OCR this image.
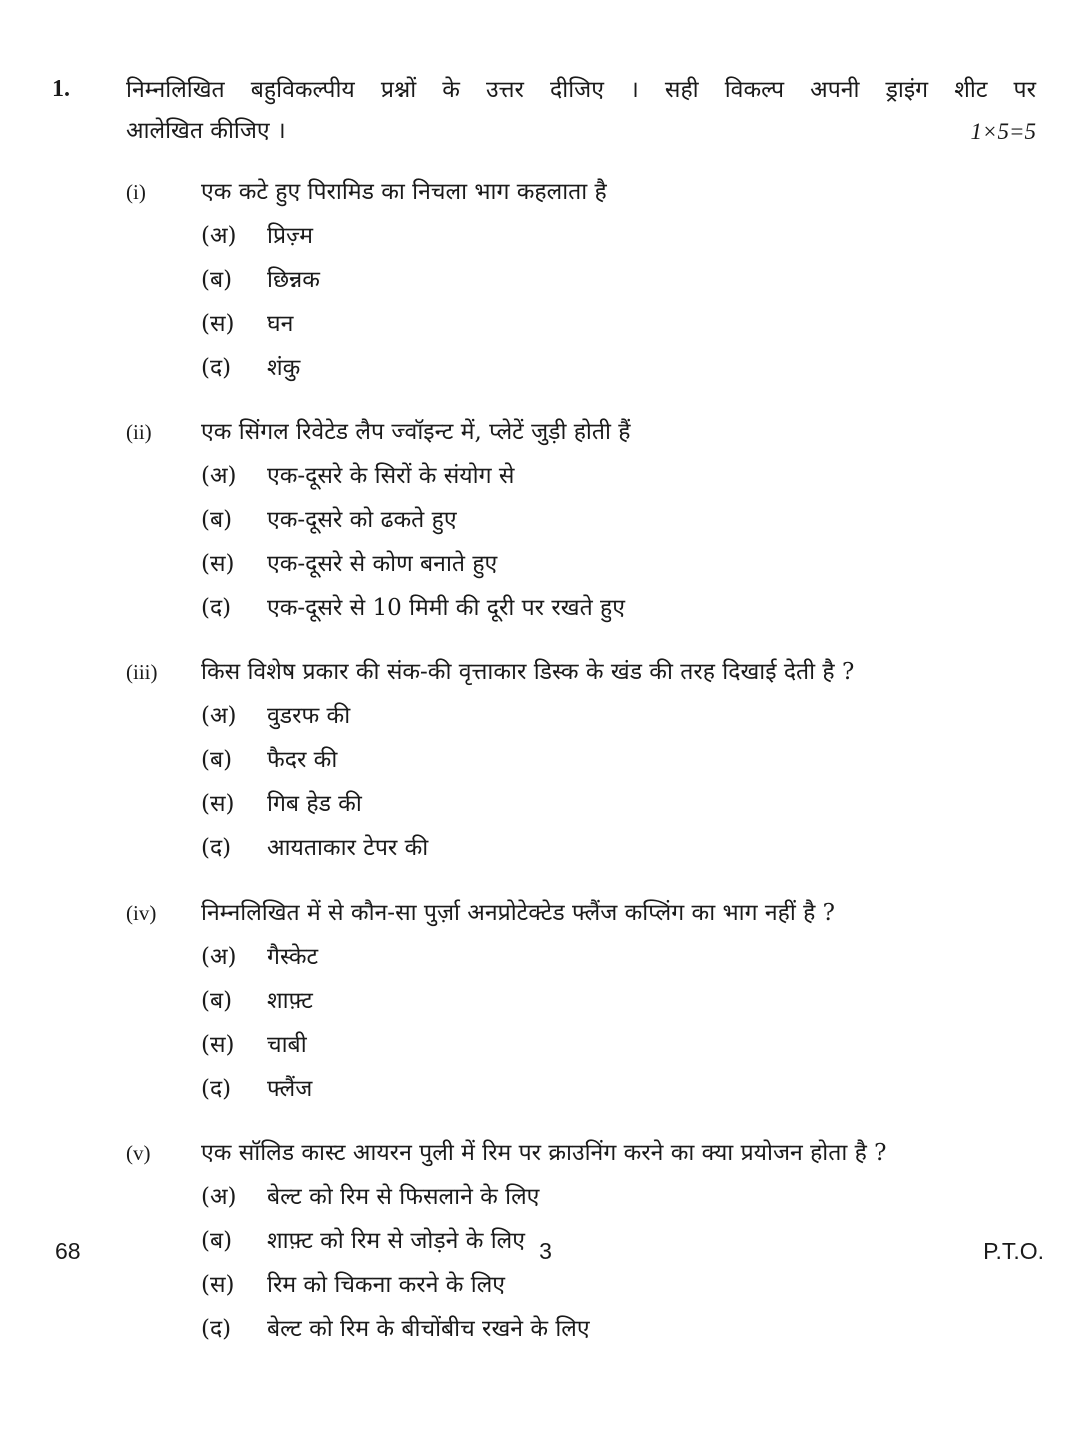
1. निम्नलिखित बहुविकल्पीय प्रश्नों के उत्तर दीजिए । सही विकल्प अपनी ड्राइंग शीट पर
आलेखित कीजिए ।	1×5=5
(i) एक कटे हुए पिरामिड का निचला भाग कहलाता है
(अ) प्रिज़्म
(ब) छिन्नक
(स) घन
(द) शंकु
(ii) एक सिंगल रिवेटेड लैप ज्वॉइन्ट में, प्लेटें जुड़ी होती हैं
(अ) एक-दूसरे के सिरों के संयोग से
(ब) एक-दूसरे को ढकते हुए
(स) एक-दूसरे से कोण बनाते हुए
(द) एक-दूसरे से 10 मिमी की दूरी पर रखते हुए
(iii) किस विशेष प्रकार की संक-की वृत्ताकार डिस्क के खंड की तरह दिखाई देती है ?
(अ) वुडरफ की
(ब) फैदर की
(स) गिब हेड की
(द) आयताकार टेपर की
(iv) निम्नलिखित में से कौन-सा पुर्ज़ा अनप्रोटेक्टेड फ्लैंज कप्लिंग का भाग नहीं है ?
(अ) गैस्केट
(ब) शाफ़्ट
(स) चाबी
(द) फ्लैंज
(v) एक सॉलिड कास्ट आयरन पुली में रिम पर क्राउनिंग करने का क्या प्रयोजन होता है ?
(अ) बेल्ट को रिम से फिसलाने के लिए
(ब) शाफ़्ट को रिम से जोड़ने के लिए
(स) रिम को चिकना करने के लिए
(द) बेल्ट को रिम के बीचोंबीच रखने के लिए
68	3	P.T.O.
